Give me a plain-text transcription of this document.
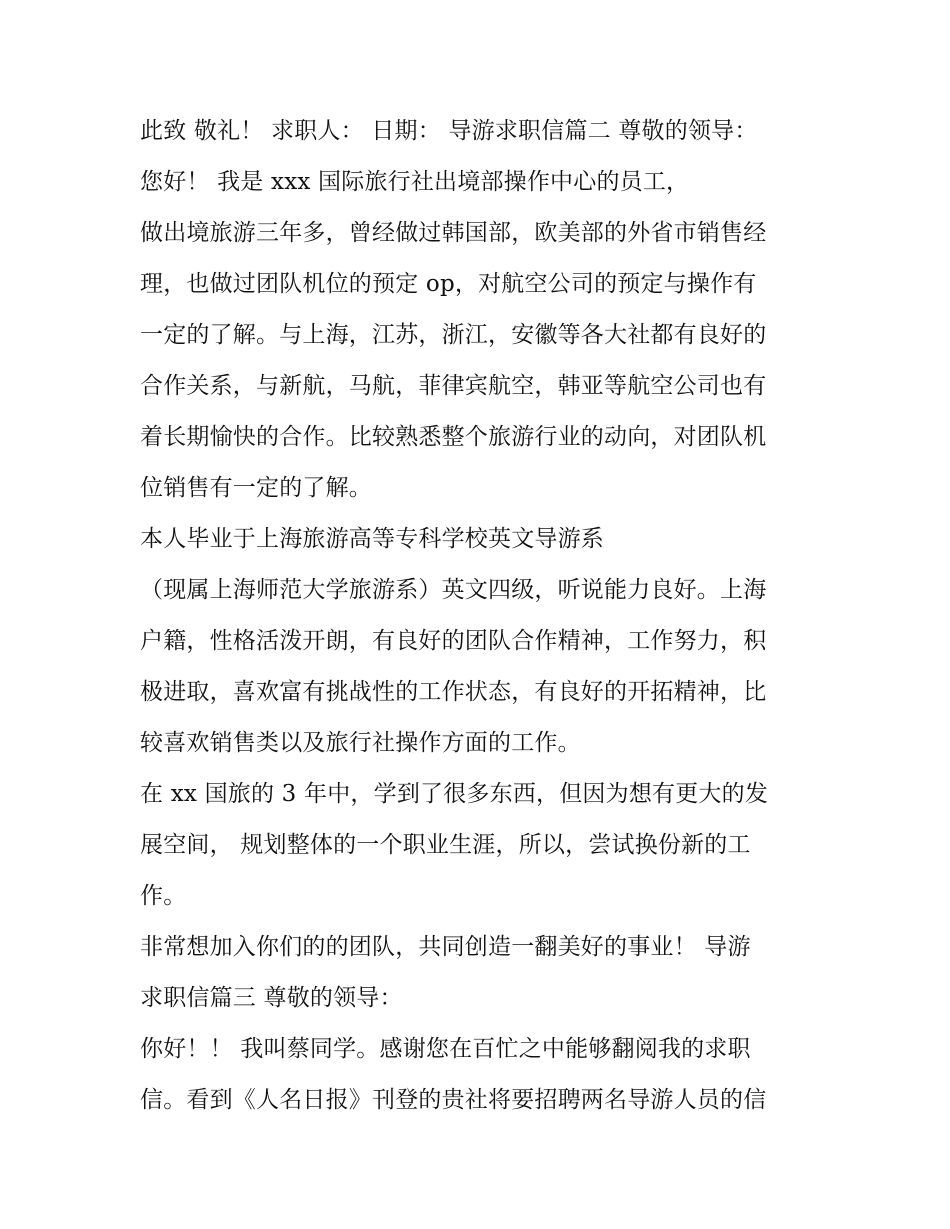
此致 敬礼！ 求职人： 日期： 导游求职信篇二 尊敬的领导：
您好！ 我是 xxx 国际旅行社出境部操作中心的员工，
做出境旅游三年多，曾经做过韩国部，欧美部的外省市销售经
理，也做过团队机位的预定 op，对航空公司的预定与操作有
一定的了解。与上海，江苏，浙江，安徽等各大社都有良好的
合作关系，与新航，马航，菲律宾航空，韩亚等航空公司也有
着长期愉快的合作。比较熟悉整个旅游行业的动向，对团队机
位销售有一定的了解。
本人毕业于上海旅游高等专科学校英文导游系
（现属上海师范大学旅游系）英文四级，听说能力良好。上海
户籍，性格活泼开朗，有良好的团队合作精神，工作努力，积
极进取，喜欢富有挑战性的工作状态，有良好的开拓精神，比
较喜欢销售类以及旅行社操作方面的工作。
在 xx 国旅的 3 年中，学到了很多东西，但因为想有更大的发
展空间， 规划整体的一个职业生涯，所以，尝试换份新的工
作。
非常想加入你们的的团队，共同创造一翻美好的事业！ 导游
求职信篇三 尊敬的领导：
你好！！ 我叫蔡同学。感谢您在百忙之中能够翻阅我的求职
信。看到《人名日报》刊登的贵社将要招聘两名导游人员的信
